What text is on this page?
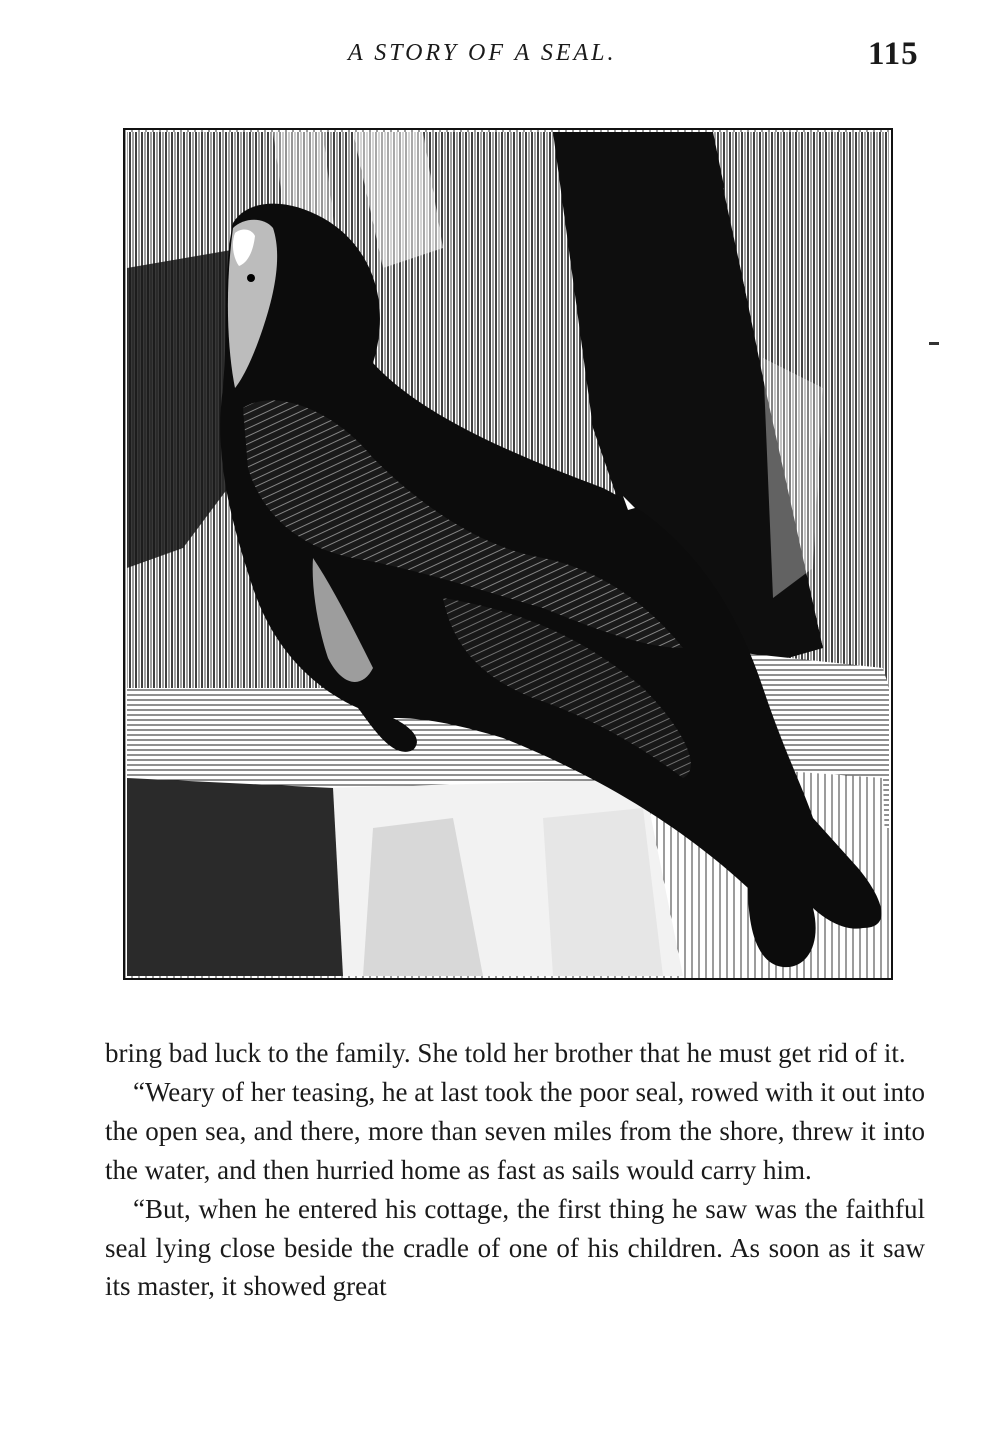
A STORY OF A SEAL.	115

bring bad luck to the family. She told her brother that he must get rid of it.

“Weary of her teasing, he at last took the poor seal, rowed with it out into the open sea, and there, more than seven miles from the shore, threw it into the water, and then hurried home as fast as sails would carry him.

“But, when he entered his cottage, the first thing he saw was the faithful seal lying close beside the cradle of one of his children. As soon as it saw its master, it showed great
